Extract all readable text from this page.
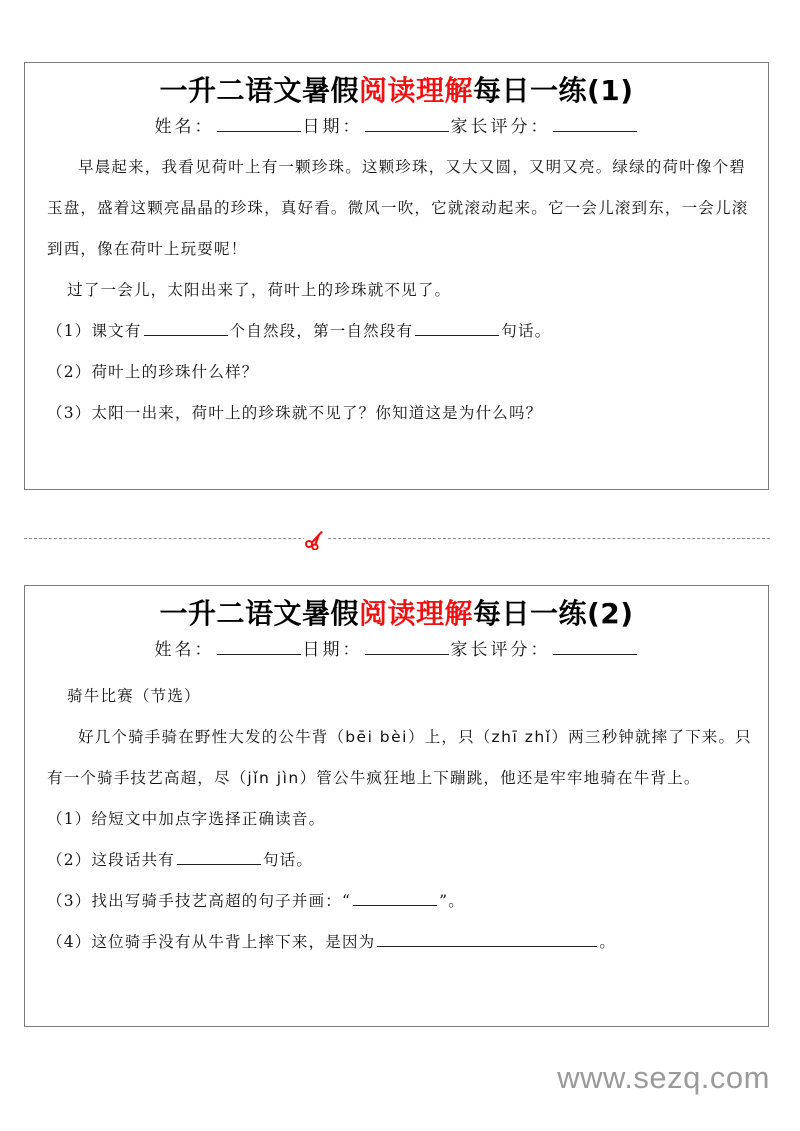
一升二语文暑假阅读理解每日一练(1)
姓名：	日期：	家长评分：

早晨起来，我看见荷叶上有一颗珍珠。这颗珍珠，又大又圆，又明又亮。绿绿的荷叶像个碧玉盘，盛着这颗亮晶晶的珍珠，真好看。微风一吹，它就滚动起来。它一会儿滚到东，一会儿滚到西，像在荷叶上玩耍呢！

过了一会儿，太阳出来了，荷叶上的珍珠就不见了。

（1）课文有	个自然段，第一自然段有	句话。

（2）荷叶上的珍珠什么样？

（3）太阳一出来，荷叶上的珍珠就不见了？你知道这是为什么吗？

一升二语文暑假阅读理解每日一练(2)
姓名：	日期：	家长评分：

骑牛比赛（节选）

好几个骑手骑在野性大发的公牛背（bēi bèi）上，只（zhī zhǐ）两三秒钟就摔了下来。只有一个骑手技艺高超，尽（jǐn jìn）管公牛疯狂地上下蹦跳，他还是牢牢地骑在牛背上。

（1）给短文中加点字选择正确读音。

（2）这段话共有	句话。

（3）找出写骑手技艺高超的句子并画：“	”。

（4）这位骑手没有从牛背上摔下来，是因为	。

www.sezq.com
